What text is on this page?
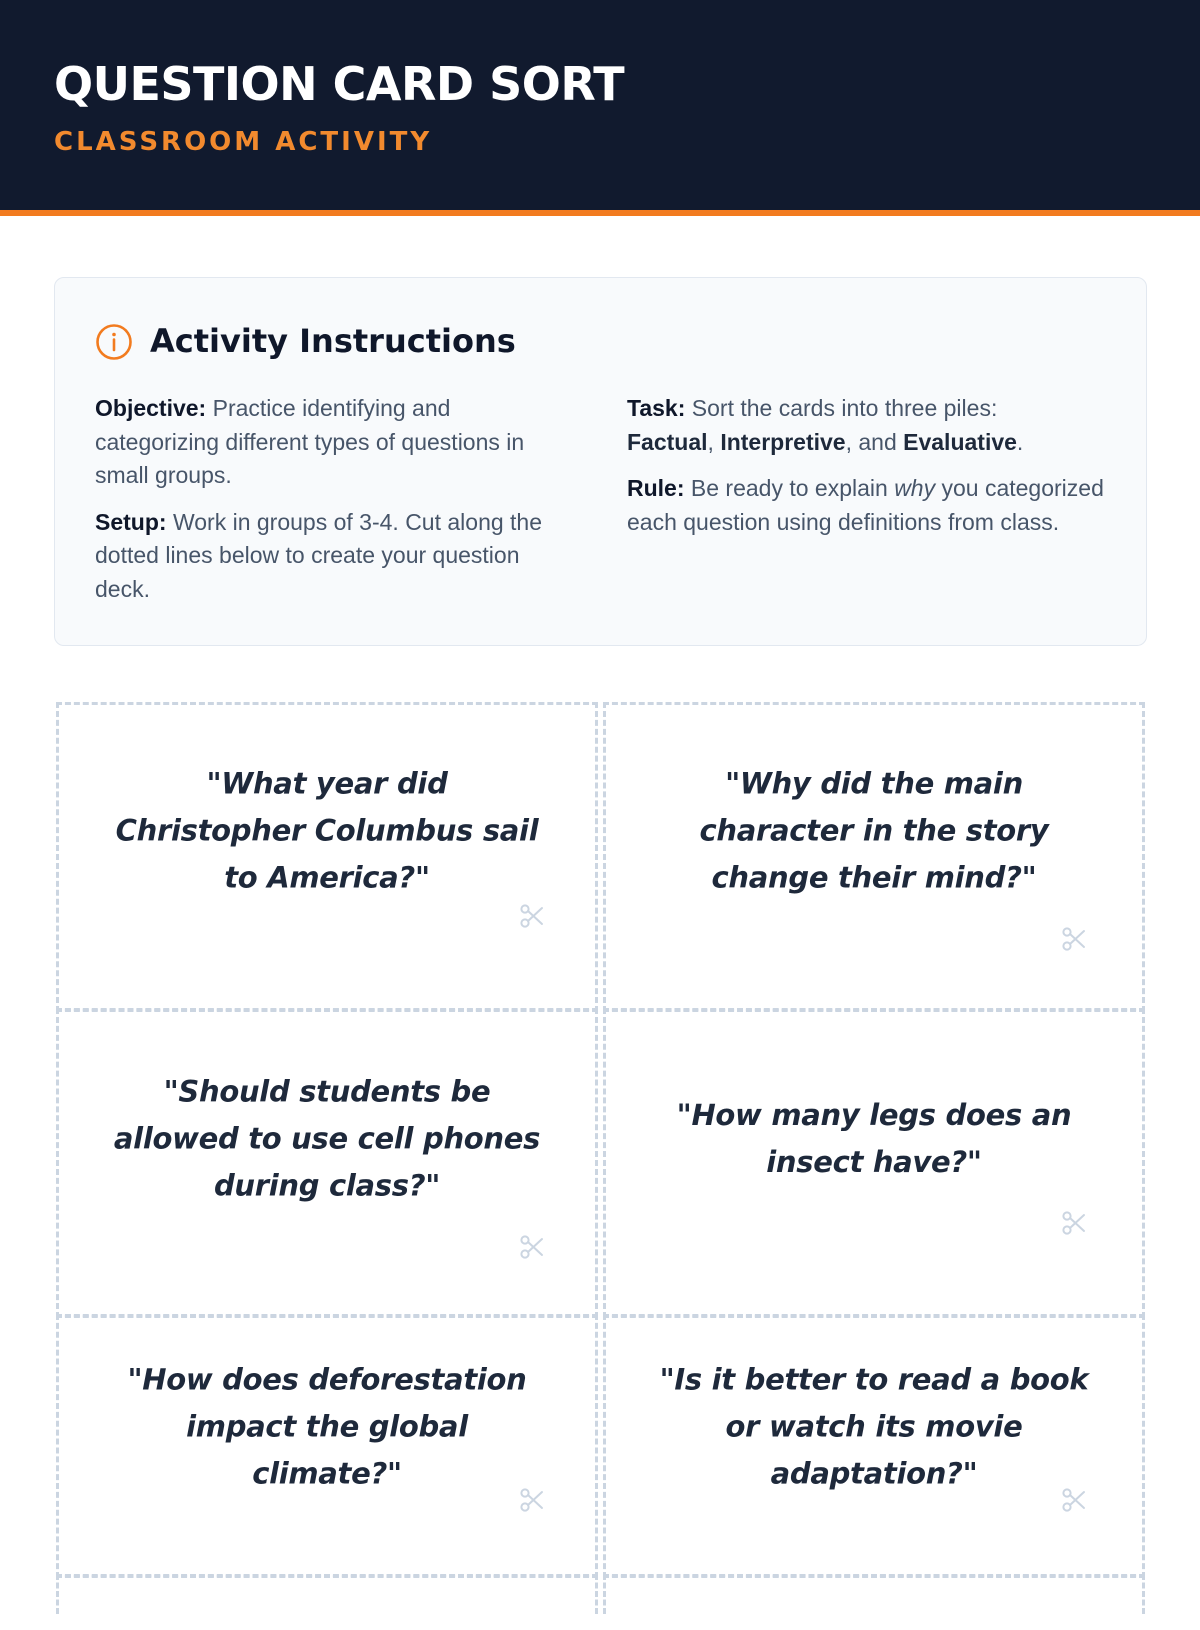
QUESTION CARD SORT
CLASSROOM ACTIVITY
Activity Instructions

Objective: Practice identifying and categorizing different types of questions in small groups.

Setup: Work in groups of 3-4. Cut along the dotted lines below to create your question deck.

Task: Sort the cards into three piles:
Factual, Interpretive, and Evaluative.

Rule: Be ready to explain why you categorized each question using definitions from class.

"What year did Christopher Columbus sail to America?"

"Why did the main character in the story change their mind?"

"Should students be allowed to use cell phones during class?"

"How many legs does an insect have?"

"How does deforestation impact the global climate?"

"Is it better to read a book or watch its movie adaptation?"
